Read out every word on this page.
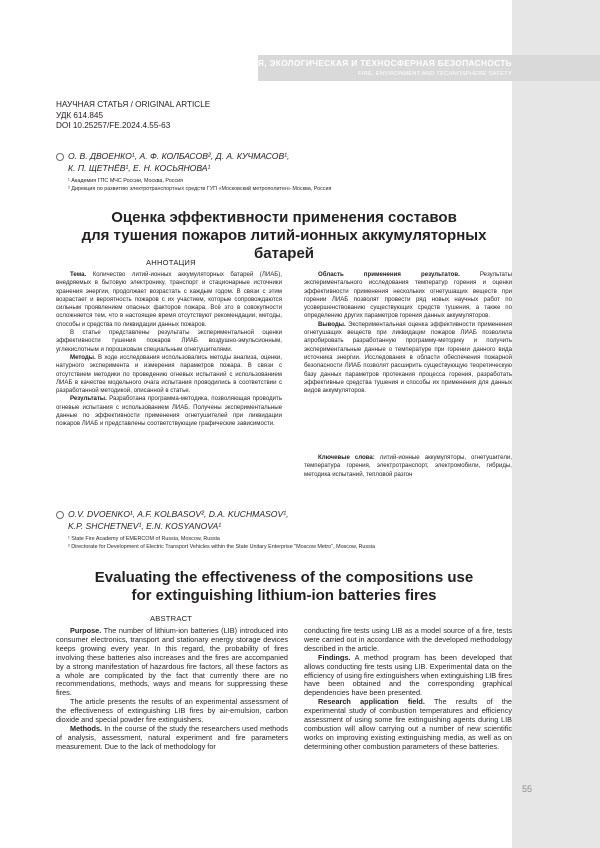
ПОЖАРНАЯ, ЭКОЛОГИЧЕСКАЯ И ТЕХНОСФЕРНАЯ БЕЗОПАСНОСТЬ
FIRE, ENVIRONMENT AND TECHNOSPHERE SAFETY
НАУЧНАЯ СТАТЬЯ / ORIGINAL ARTICLE
УДК 614.845
DOI 10.25257/FE.2024.4.55-63
О. В. ДВОЕНКО¹, А. Ф. КОЛБАСОВ², Д. А. КУЧМАСОВ¹,
К. П. ЩЕТНЁВ¹, Е. Н. КОСЬЯНОВА¹
¹ Академия ГПС МЧС России, Москва, Россия
² Дирекция по развитию электротранспортных средств ГУП «Московский метрополитен» Москва, Россия
Оценка эффективности применения составов
для тушения пожаров литий-ионных аккумуляторных батарей
АННОТАЦИЯ

Тема. Количество литий-ионных аккумуляторных батарей (ЛИАБ), внедряемых в бытовую электронику, транспорт и стационарные источники хранения энергии, продолжает возрастать с каждым годом. В связи с этим возрастает и вероятность пожаров с их участием, которые сопровождаются сильным проявлением опасных факторов пожара. Всё это в совокупности осложняется тем, что в настоящее время отсутствуют рекомендации, методы, способы и средства по ликвидации данных пожаров.

В статье представлены результаты экспериментальной оценки эффективности тушения пожаров ЛИАБ воздушно-эмульсионным, углекислотным и порошковым специальным огнетушителями.

Методы. В ходе исследования использовались методы анализа, оценки, натурного эксперимента и измерения параметров пожара. В связи с отсутствием методики по проведению огневых испытаний с использованием ЛИАБ в качестве модельного очага испытания проводились в соответствии с разработанной методикой, описанной в статье.

Результаты. Разработана программа-методика, позволяющая проводить огневые испытания с использованием ЛИАБ. Получены экспериментальные данные по эффективности применения огнетушителей при ликвидации пожаров ЛИАБ и представлены соответствующие графические зависимости.

Область применения результатов. Результаты экспериментального исследования температур горения и оценки эффективности применения нескольких огнетушащих веществ при горении ЛИАБ позволят провести ряд новых научных работ по усовершенствованию существующих средств тушения, а также по определению других параметров горения данных аккумуляторов.

Выводы. Экспериментальная оценка эффективности применения огнетушащих веществ при ликвидации пожаров ЛИАБ позволила апробировать разработанную программу-методику и получить экспериментальные данные о температуре при горении данного вида источника энергии. Исследования в области обеспечения пожарной безопасности ЛИАБ позволят расширить существующую теоретическую базу данных параметров протекания процесса горения, разработать эффективные средства тушения и способы их применения для данных видов аккумуляторов.

Ключевые слова: литий-ионные аккумуляторы, огнетушители, температура горения, электротранспорт, электромобили, гибриды, методика испытаний, тепловой разгон

O.V. DVOENKO¹, A.F. KOLBASOV², D.A. KUCHMASOV¹,
K.P. SHCHETNEV¹, E.N. KOSYANOVA¹
¹ State Fire Academy of EMERCOM of Russia, Moscow, Russia
² Directorate for Development of Electric Transport Vehicles within the State Unitary Enterprise "Moscow Metro", Moscow, Russia
Evaluating the effectiveness of the compositions use
for extinguishing lithium-ion batteries fires
ABSTRACT

Purpose. The number of lithium-ion batteries (LIB) introduced into consumer electronics, transport and stationary energy storage devices keeps growing every year. In this regard, the probability of fires involving these batteries also increases and the fires are accompanied by a strong manifestation of hazardous fire factors, all these factors as a whole are complicated by the fact that currently there are no recommendations, methods, ways and means for suppressing these fires.

The article presents the results of an experimental assessment of the effectiveness of extinguishing LIB fires by air-emulsion, carbon dioxide and special powder fire extinguishers.

Methods. In the course of the study the researchers used methods of analysis, assessment, natural experiment and fire parameters measurement. Due to the lack of methodology for

conducting fire tests using LIB as a model source of a fire, tests were carried out in accordance with the developed methodology described in the article.

Findings. A method program has been developed that allows conducting fire tests using LIB. Experimental data on the efficiency of using fire extinguishers when extinguishing LIB fires have been obtained and the corresponding graphical dependencies have been presented.

Research application field. The results of the experimental study of combustion temperatures and efficiency assessment of using some fire extinguishing agents during LIB combustion will allow carrying out a number of new scientific works on improving existing extinguishing media, as well as on determining other combustion parameters of these batteries.

55
